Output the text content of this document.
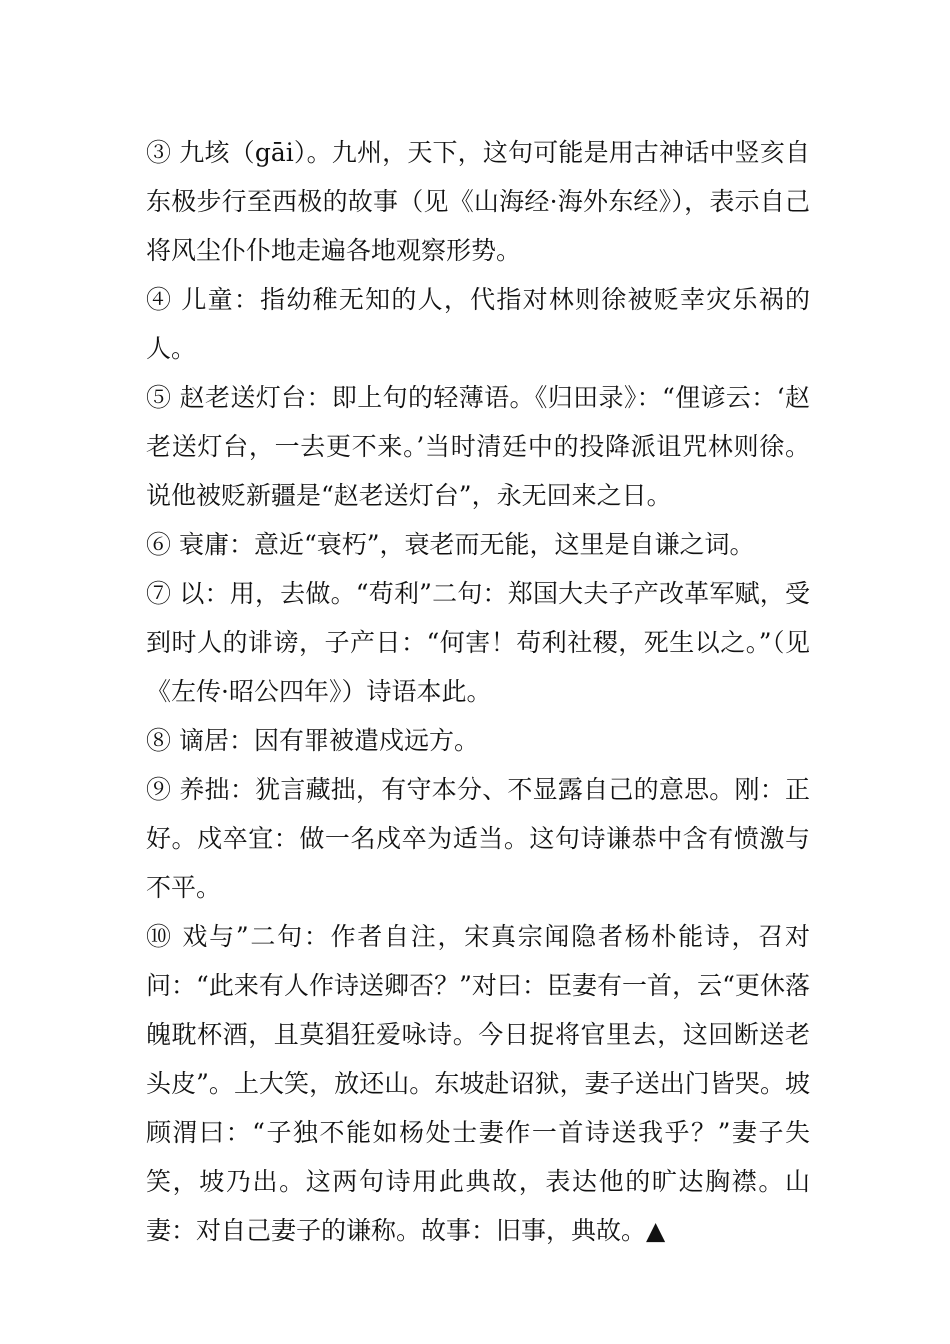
③ 九垓（gāi）。九州，天下，这句可能是用古神话中竖亥自东极步行至西极的故事（见《山海经·海外东经》），表示自己将风尘仆仆地走遍各地观察形势。

④ 儿童：指幼稚无知的人，代指对林则徐被贬幸灾乐祸的人。

⑤ 赵老送灯台：即上句的轻薄语。《归田录》：“俚谚云：‘赵老送灯台，一去更不来。’当时清廷中的投降派诅咒林则徐。说他被贬新疆是“赵老送灯台”，永无回来之日。

⑥ 衰庸：意近“衰朽”，衰老而无能，这里是自谦之词。

⑦ 以：用，去做。“苟利”二句：郑国大夫子产改革军赋，受到时人的诽谤，子产日：“何害！苟利社稷，死生以之。”（见《左传·昭公四年》）诗语本此。

⑧ 谪居：因有罪被遣戍远方。

⑨ 养拙：犹言藏拙，有守本分、不显露自己的意思。刚：正好。戍卒宜：做一名戍卒为适当。这句诗谦恭中含有愤激与不平。

⑩ 戏与”二句：作者自注，宋真宗闻隐者杨朴能诗，召对问：“此来有人作诗送卿否？”对曰：臣妻有一首，云“更休落魄耽杯酒，且莫猖狂爱咏诗。今日捉将官里去，这回断送老头皮”。上大笑，放还山。东坡赴诏狱，妻子送出门皆哭。坡顾渭曰：“子独不能如杨处士妻作一首诗送我乎？”妻子失笑，坡乃出。这两句诗用此典故，表达他的旷达胸襟。山妻：对自己妻子的谦称。故事：旧事，典故。▲
